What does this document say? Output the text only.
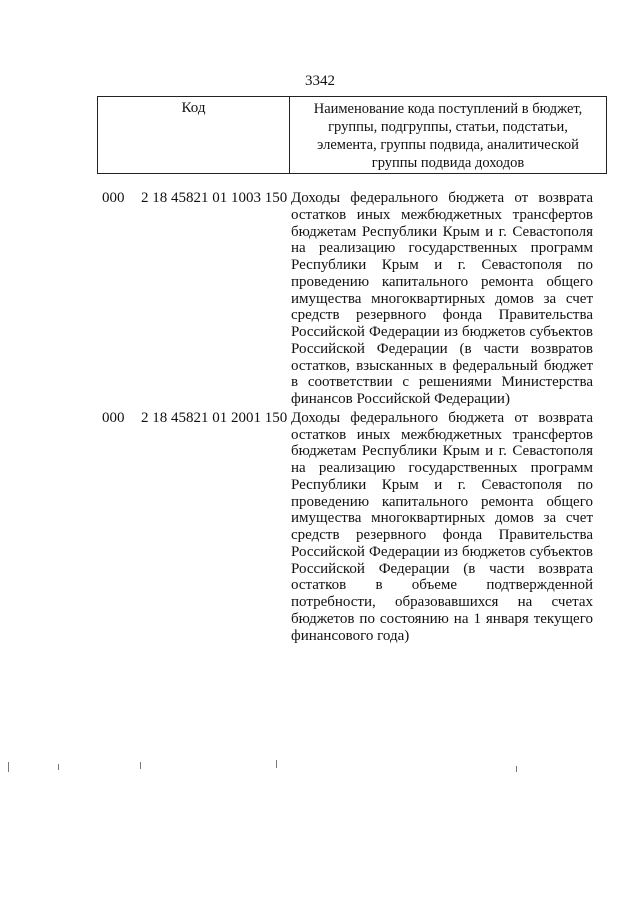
3342
Код	Наименование кода поступлений в бюджет, группы, подгруппы, статьи, подстатьи, элемента, группы подвида, аналитической группы подвида доходов
000	2 18 45821 01 1003 150 Доходы федерального бюджета от возврата остатков иных межбюджетных трансфертов бюджетам Республики Крым и г. Севастополя на реализацию государственных программ Республики Крым и г. Севастополя по проведению капитального ремонта общего имущества многоквартирных домов за счет средств резервного фонда Правительства Российской Федерации из бюджетов субъектов Российской Федерации (в части возвратов остатков, взысканных в федеральный бюджет в соответствии с решениями Министерства финансов Российской Федерации)
000	2 18 45821 01 2001 150 Доходы федерального бюджета от возврата остатков иных межбюджетных трансфертов бюджетам Республики Крым и г. Севастополя на реализацию государственных программ Республики Крым и г. Севастополя по проведению капитального ремонта общего имущества многоквартирных домов за счет средств резервного фонда Правительства Российской Федерации из бюджетов субъектов Российской Федерации (в части возврата остатков в объеме подтвержденной потребности, образовавшихся на счетах бюджетов по состоянию на 1 января текущего финансового года)
